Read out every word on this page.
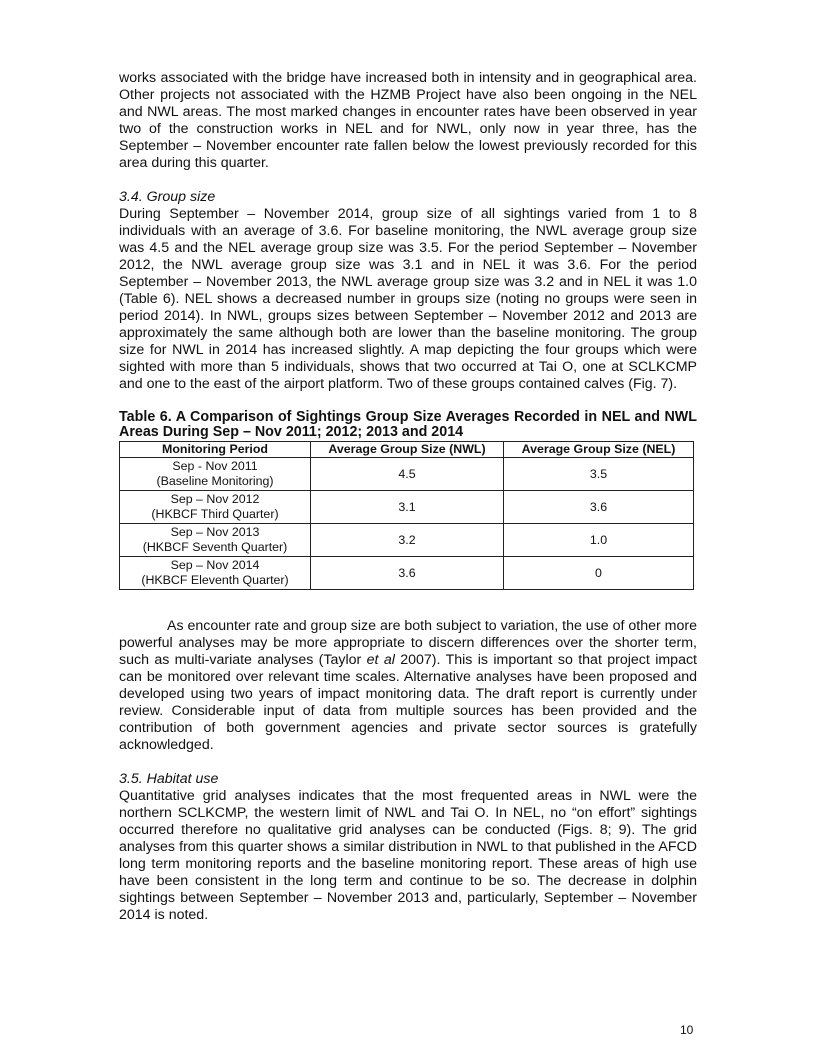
works associated with the bridge have increased both in intensity and in geographical area. Other projects not associated with the HZMB Project have also been ongoing in the NEL and NWL areas. The most marked changes in encounter rates have been observed in year two of the construction works in NEL and for NWL, only now in year three, has the September – November encounter rate fallen below the lowest previously recorded for this area during this quarter.

3.4. Group size

During September – November 2014, group size of all sightings varied from 1 to 8 individuals with an average of 3.6. For baseline monitoring, the NWL average group size was 4.5 and the NEL average group size was 3.5. For the period September – November 2012, the NWL average group size was 3.1 and in NEL it was 3.6. For the period September – November 2013, the NWL average group size was 3.2 and in NEL it was 1.0 (Table 6). NEL shows a decreased number in groups size (noting no groups were seen in period 2014). In NWL, groups sizes between September – November 2012 and 2013 are approximately the same although both are lower than the baseline monitoring. The group size for NWL in 2014 has increased slightly. A map depicting the four groups which were sighted with more than 5 individuals, shows that two occurred at Tai O, one at SCLKCMP and one to the east of the airport platform. Two of these groups contained calves (Fig. 7).

Table 6. A Comparison of Sightings Group Size Averages Recorded in NEL and NWL Areas During Sep – Nov 2011; 2012; 2013 and 2014

Monitoring Period	Average Group Size (NWL)	Average Group Size (NEL)

Sep - Nov 2011
(Baseline Monitoring)	4.5	3.5

Sep – Nov 2012
(HKBCF Third Quarter)	3.1	3.6

Sep – Nov 2013
(HKBCF Seventh Quarter)	3.2	1.0

Sep – Nov 2014
(HKBCF Eleventh Quarter)	3.6	0

As encounter rate and group size are both subject to variation, the use of other more powerful analyses may be more appropriate to discern differences over the shorter term, such as multi-variate analyses (Taylor et al 2007). This is important so that project impact can be monitored over relevant time scales. Alternative analyses have been proposed and developed using two years of impact monitoring data. The draft report is currently under review. Considerable input of data from multiple sources has been provided and the contribution of both government agencies and private sector sources is gratefully acknowledged.

3.5. Habitat use

Quantitative grid analyses indicates that the most frequented areas in NWL were the northern SCLKCMP, the western limit of NWL and Tai O. In NEL, no “on effort” sightings occurred therefore no qualitative grid analyses can be conducted (Figs. 8; 9). The grid analyses from this quarter shows a similar distribution in NWL to that published in the AFCD long term monitoring reports and the baseline monitoring report. These areas of high use have been consistent in the long term and continue to be so. The decrease in dolphin sightings between September – November 2013 and, particularly, September – November 2014 is noted.

10
